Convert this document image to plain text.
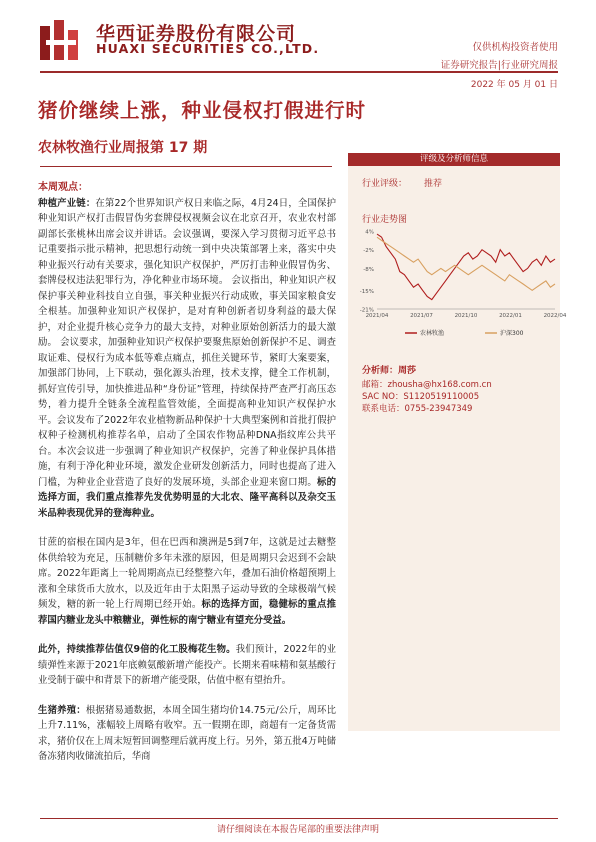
华西证券股份有限公司
HUAXI SECURITIES CO.,LTD.	仅供机构投资者使用
证券研究报告|行业研究周报
2022 年 05 月 01 日
猪价继续上涨，种业侵权打假进行时
农林牧渔行业周报第 17 期
本周观点：

种植产业链：在第22个世界知识产权日来临之际，4月24日，全国保护种业知识产权打击假冒伪劣套牌侵权视频会议在北京召开，农业农村部副部长张桃林出席会议并讲话。会议强调，要深入学习贯彻习近平总书记重要指示批示精神，把思想行动统一到中央决策部署上来，落实中央种业振兴行动有关要求，强化知识产权保护，严厉打击种业假冒伪劣、套牌侵权违法犯罪行为，净化种业市场环境。 会议指出，种业知识产权保护事关种业科技自立自强，事关种业振兴行动成败，事关国家粮食安全根基。加强种业知识产权保护，是对育种创新者切身利益的最大保护，对企业提升核心竞争力的最大支持，对种业原始创新活力的最大激励。 会议要求，加强种业知识产权保护要聚焦原始创新保护不足、调查取证难、侵权行为成本低等难点痛点，抓住关键环节，紧盯大案要案，加强部门协同，上下联动，强化源头治理，技术支撑，健全工作机制，抓好宣传引导，加快推进品种“身份证”管理，持续保持严查严打高压态势，着力提升全链条全流程监管效能，全面提高种业知识产权保护水平。会议发布了2022年农业植物新品种保护十大典型案例和首批打假护权种子检测机构推荐名单，启动了全国农作物品种DNA指纹库公共平台。本次会议进一步强调了种业知识产权保护，完善了种业保护具体措施，有利于净化种业环境，激发企业研发创新活力，同时也提高了进入门槛，为种业企业营造了良好的发展环境，头部企业迎来窗口期。标的选择方面，我们重点推荐先发优势明显的大北农、隆平高科以及杂交玉米品种表现优异的登海种业。

甘蔗的宿根在国内是3年，但在巴西和澳洲是5到7年，这就是过去糖整体供给较为充足，压制糖价多年未涨的原因，但是周期只会迟到不会缺席。2022年距离上一轮周期高点已经整整六年，叠加石油价格超预期上涨和全球货币大放水，以及近年由于太阳黑子运动导致的全球极端气候频发，糖的新一轮上行周期已经开始。标的选择方面，稳健标的重点推荐国内糖业龙头中粮糖业，弹性标的南宁糖业有望充分受益。

此外，持续推荐估值仅9倍的化工股梅花生物。我们预计，2022年的业绩弹性来源于2021年底赖氨酸新增产能投产。长期来看味精和氨基酸行业受制于碳中和背景下的新增产能受限，估值中枢有望抬升。

生猪养殖：根据猪易通数据，本周全国生猪均价14.75元/公斤，周环比上升7.11%，涨幅较上周略有收窄。五一假期在即，商超有一定备货需求，猪价仅在上周末短暂回调整理后就再度上行。另外，第五批4万吨储备冻猪肉收储流拍后，华商

评级及分析师信息
行业评级： 推荐
行业走势图
-21%
-15%
-8%
-2%
4%
2021/04	2021/07	2021/10	2022/01	2022/04
农林牧渔	沪深300
分析师：周莎
邮箱：zhousha@hx168.com.cn
SAC NO：S1120519110005
联系电话：0755-23947349
请仔细阅读在本报告尾部的重要法律声明
